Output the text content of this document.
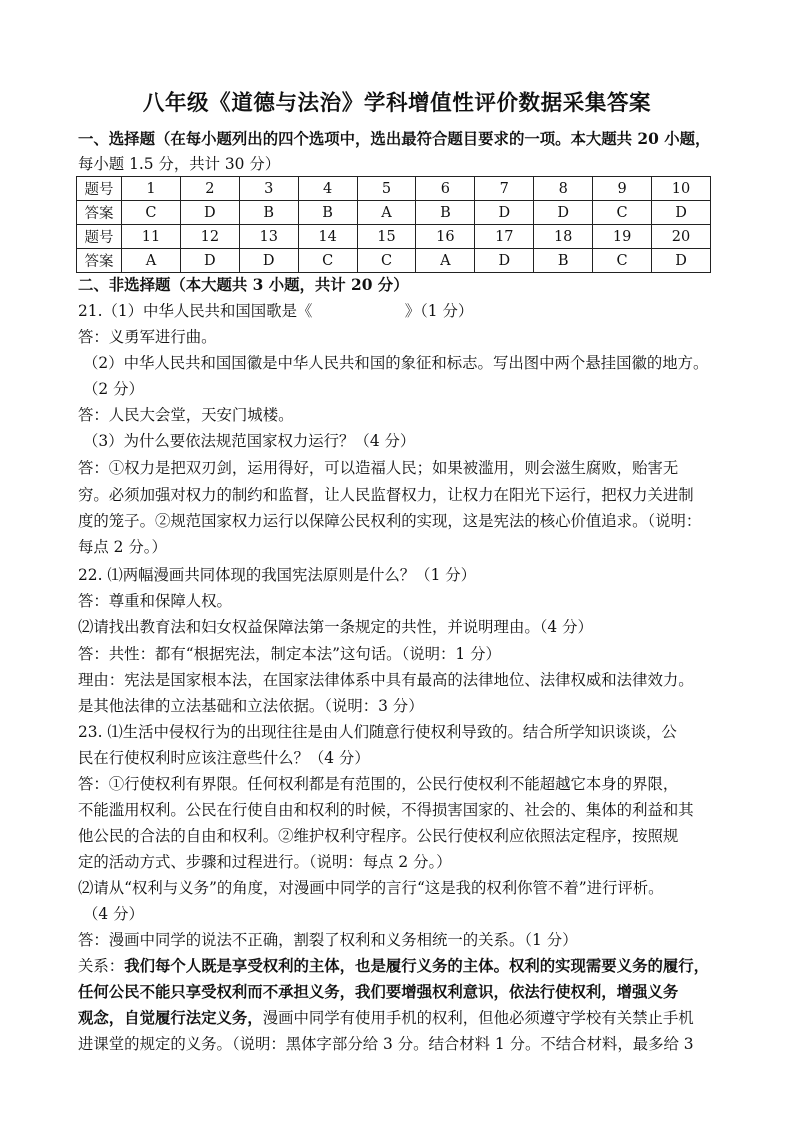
八年级《道德与法治》学科增值性评价数据采集答案
一、选择题（在每小题列出的四个选项中，选出最符合题目要求的一项。本大题共 20 小题，
每小题 1.5 分，共计 30 分）
题号	1	2	3	4	5	6	7	8	9	10
答案	C	D	B	B	A	B	D	D	C	D
题号	11	12	13	14	15	16	17	18	19	20
答案	A	D	D	C	C	A	D	B	C	D
二、非选择题（本大题共 3 小题，共计 20 分）
21.（1）中华人民共和国国歌是《　　　　　　》（1 分）
答：义勇军进行曲。
（2）中华人民共和国国徽是中华人民共和国的象征和标志。写出图中两个悬挂国徽的地方。
（2 分）
答：人民大会堂，天安门城楼。
（3）为什么要依法规范国家权力运行？（4 分）
答：①权力是把双刃剑，运用得好，可以造福人民；如果被滥用，则会滋生腐败，贻害无
穷。必须加强对权力的制约和监督，让人民监督权力，让权力在阳光下运行，把权力关进制
度的笼子。②规范国家权力运行以保障公民权利的实现，这是宪法的核心价值追求。（说明：
每点 2 分。）
22. ⑴两幅漫画共同体现的我国宪法原则是什么？（1 分）
答：尊重和保障人权。
⑵请找出教育法和妇女权益保障法第一条规定的共性，并说明理由。（4 分）
答：共性：都有“根据宪法，制定本法”这句话。（说明：1 分）
理由：宪法是国家根本法，在国家法律体系中具有最高的法律地位、法律权威和法律效力。
是其他法律的立法基础和立法依据。（说明：3 分）
23. ⑴生活中侵权行为的出现往往是由人们随意行使权利导致的。结合所学知识谈谈，公
民在行使权利时应该注意些什么？（4 分）
答：①行使权利有界限。任何权利都是有范围的，公民行使权利不能超越它本身的界限，
不能滥用权利。公民在行使自由和权利的时候，不得损害国家的、社会的、集体的利益和其
他公民的合法的自由和权利。②维护权利守程序。公民行使权利应依照法定程序，按照规
定的活动方式、步骤和过程进行。（说明：每点 2 分。）
⑵请从“权利与义务”的角度，对漫画中同学的言行“这是我的权利你管不着”进行评析。
（4 分）
答：漫画中同学的说法不正确，割裂了权利和义务相统一的关系。（1 分）
关系：我们每个人既是享受权利的主体，也是履行义务的主体。权利的实现需要义务的履行，
任何公民不能只享受权利而不承担义务，我们要增强权利意识，依法行使权利，增强义务
观念，自觉履行法定义务，漫画中同学有使用手机的权利，但他必须遵守学校有关禁止手机
进课堂的规定的义务。（说明：黑体字部分给 3 分。结合材料 1 分。不结合材料，最多给 3
